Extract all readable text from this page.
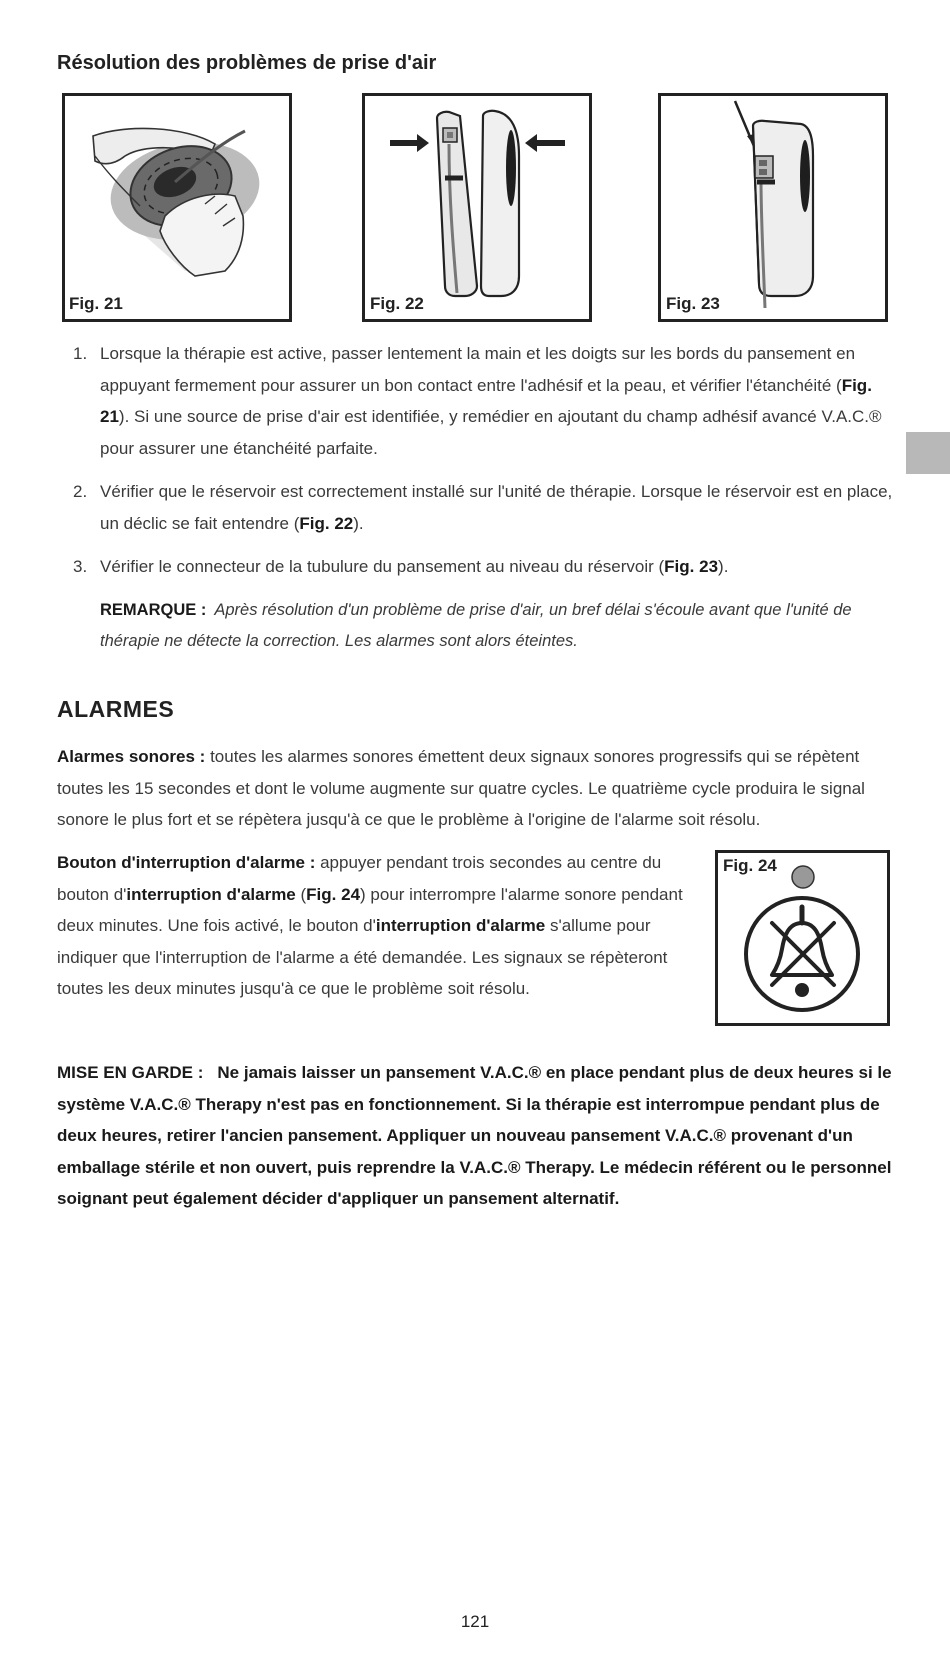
Résolution des problèmes de prise d'air
Fig. 21	Fig. 22	Fig. 23
1. Lorsque la thérapie est active, passer lentement la main et les doigts sur les bords du pansement en appuyant fermement pour assurer un bon contact entre l'adhésif et la peau, et vérifier l'étanchéité (Fig. 21). Si une source de prise d'air est identifiée, y remédier en ajoutant du champ adhésif avancé V.A.C.® pour assurer une étanchéité parfaite.
2. Vérifier que le réservoir est correctement installé sur l'unité de thérapie. Lorsque le réservoir est en place, un déclic se fait entendre (Fig. 22).
3. Vérifier le connecteur de la tubulure du pansement au niveau du réservoir (Fig. 23).
REMARQUE : Après résolution d'un problème de prise d'air, un bref délai s'écoule avant que l'unité de thérapie ne détecte la correction. Les alarmes sont alors éteintes.
ALARMES

Alarmes sonores : toutes les alarmes sonores émettent deux signaux sonores progressifs qui se répètent toutes les 15 secondes et dont le volume augmente sur quatre cycles. Le quatrième cycle produira le signal sonore le plus fort et se répètera jusqu'à ce que le problème à l'origine de l'alarme soit résolu.

Bouton d'interruption d'alarme : appuyer pendant trois secondes au centre du bouton d'interruption d'alarme (Fig. 24) pour interrompre l'alarme sonore pendant deux minutes. Une fois activé, le bouton d'interruption d'alarme s'allume pour indiquer que l'interruption de l'alarme a été demandée. Les signaux se répèteront toutes les deux minutes jusqu'à ce que le problème soit résolu.

Fig. 24

MISE EN GARDE : Ne jamais laisser un pansement V.A.C.® en place pendant plus de deux heures si le système V.A.C.® Therapy n'est pas en fonctionnement. Si la thérapie est interrompue pendant plus de deux heures, retirer l'ancien pansement. Appliquer un nouveau pansement V.A.C.® provenant d'un emballage stérile et non ouvert, puis reprendre la V.A.C.® Therapy. Le médecin référent ou le personnel soignant peut également décider d'appliquer un pansement alternatif.

121
